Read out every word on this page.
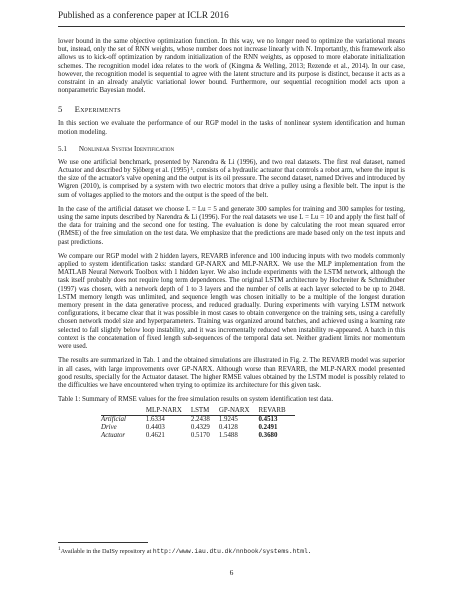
Published as a conference paper at ICLR 2016

lower bound in the same objective optimization function. In this way, we no longer need to optimize the variational means but, instead, only the set of RNN weights, whose number does not increase linearly with N. Importantly, this framework also allows us to kick-off optimization by random initialization of the RNN weights, as opposed to more elaborate initialization schemes. The recognition model idea relates to the work of (Kingma & Welling, 2013; Rezende et al., 2014). In our case, however, the recognition model is sequential to agree with the latent structure and its purpose is distinct, because it acts as a constraint in an already analytic variational lower bound. Furthermore, our sequential recognition model acts upon a nonparametric Bayesian model.

5 Experiments

In this section we evaluate the performance of our RGP model in the tasks of nonlinear system identification and human motion modeling.

5.1 Nonlinear System Identification

We use one artificial benchmark, presented by Narendra & Li (1996), and two real datasets. The first real dataset, named Actuator and described by Sjöberg et al. (1995) ¹, consists of a hydraulic actuator that controls a robot arm, where the input is the size of the actuator's valve opening and the output is its oil pressure. The second dataset, named Drives and introduced by Wigren (2010), is comprised by a system with two electric motors that drive a pulley using a flexible belt. The input is the sum of voltages applied to the motors and the output is the speed of the belt.

In the case of the artificial dataset we choose L = Lu = 5 and generate 300 samples for training and 300 samples for testing, using the same inputs described by Narendra & Li (1996). For the real datasets we use L = Lu = 10 and apply the first half of the data for training and the second one for testing. The evaluation is done by calculating the root mean squared error (RMSE) of the free simulation on the test data. We emphasize that the predictions are made based only on the test inputs and past predictions.

We compare our RGP model with 2 hidden layers, REVARB inference and 100 inducing inputs with two models commonly applied to system identification tasks: standard GP-NARX and MLP-NARX. We use the MLP implementation from the MATLAB Neural Network Toolbox with 1 hidden layer. We also include experiments with the LSTM network, although the task itself probably does not require long term dependences. The original LSTM architecture by Hochreiter & Schmidhuber (1997) was chosen, with a network depth of 1 to 3 layers and the number of cells at each layer selected to be up to 2048. LSTM memory length was unlimited, and sequence length was chosen initially to be a multiple of the longest duration memory present in the data generative process, and reduced gradually. During experiments with varying LSTM network configurations, it became clear that it was possible in most cases to obtain convergence on the training sets, using a carefully chosen network model size and hyperparameters. Training was organized around batches, and achieved using a learning rate selected to fall slightly below loop instability, and it was incrementally reduced when instability re-appeared. A batch in this context is the concatenation of fixed length sub-sequences of the temporal data set. Neither gradient limits nor momentum were used.

The results are summarized in Tab. 1 and the obtained simulations are illustrated in Fig. 2. The REVARB model was superior in all cases, with large improvements over GP-NARX. Although worse than REVARB, the MLP-NARX model presented good results, specially for the Actuator dataset. The higher RMSE values obtained by the LSTM model is possibly related to the difficulties we have encountered when trying to optimize its architecture for this given task.

Table 1: Summary of RMSE values for the free simulation results on system identification test data.
	MLP-NARX	LSTM	GP-NARX	REVARB
Artificial	1.6334	2.2438	1.9245	0.4513
Drive	0.4403	0.4329	0.4128	0.2491
Actuator	0.4621	0.5170	1.5488	0.3680
$^1$Available in the DaISy repository at http://www.iau.dtu.dk/nnbook/systems.html.
6
